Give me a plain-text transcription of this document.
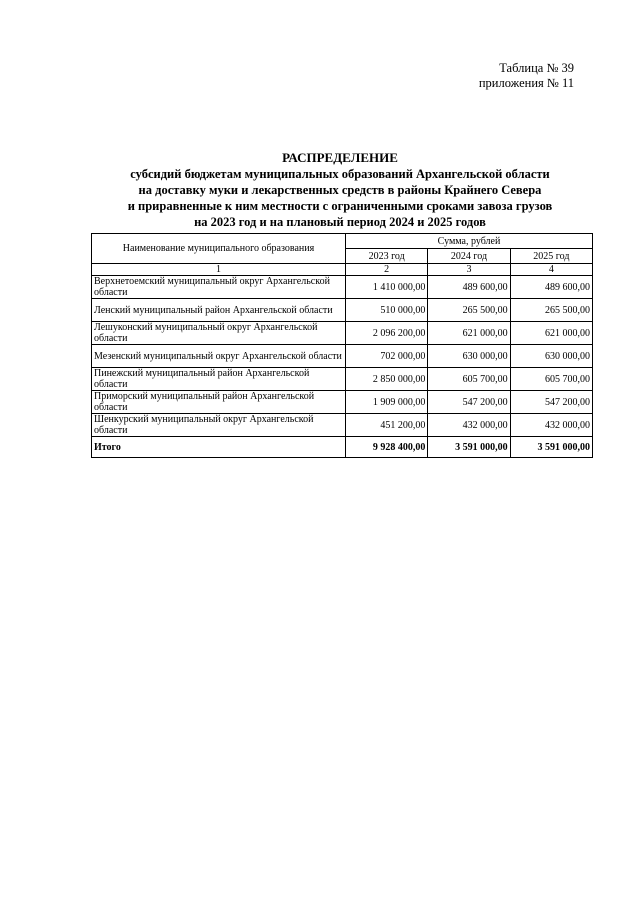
Таблица № 39
приложения № 11
РАСПРЕДЕЛЕНИЕ
субсидий бюджетам муниципальных образований Архангельской области
на доставку муки и лекарственных средств в районы Крайнего Севера
и приравненные к ним местности с ограниченными сроками завоза грузов
на 2023 год и на плановый период 2024 и 2025 годов
Наименование муниципального образования	Сумма, рублей		
	2023 год	2024 год	2025 год
1	2	3	4
Верхнетоемский муниципальный округ Архангельской области	1 410 000,00	489 600,00	489 600,00
Ленский муниципальный район Архангельской области	510 000,00	265 500,00	265 500,00
Лешуконский муниципальный округ Архангельской области	2 096 200,00	621 000,00	621 000,00
Мезенский муниципальный округ Архангельской области	702 000,00	630 000,00	630 000,00
Пинежский муниципальный район Архангельской области	2 850 000,00	605 700,00	605 700,00
Приморский муниципальный район Архангельской области	1 909 000,00	547 200,00	547 200,00
Шенкурский муниципальный округ Архангельской области	451 200,00	432 000,00	432 000,00
Итого	9 928 400,00	3 591 000,00	3 591 000,00
